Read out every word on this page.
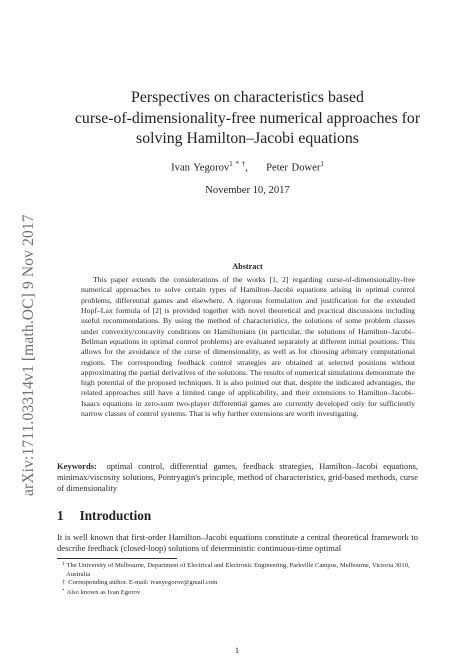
arXiv:1711.03314v1 [math.OC] 9 Nov 2017
Perspectives on characteristics based
curse-of-dimensionality-free numerical approaches for
solving Hamilton–Jacobi equations
Ivan Yegorov$^{1 * \dagger}$, Peter Dower$^1$
November 10, 2017
Abstract
This paper extends the considerations of the works [1, 2] regarding curse-of-dimensionality-free numerical approaches to solve certain types of Hamilton–Jacobi equations arising in optimal control problems, differential games and elsewhere. A rigorous formulation and justification for the extended Hopf–Lax formula of [2] is provided together with novel theoretical and practical discussions including useful recommendations. By using the method of characteristics, the solutions of some problem classes under convexity/concavity conditions on Hamiltonians (in particular, the solutions of Hamilton–Jacobi–Bellman equations in optimal control problems) are evaluated separately at different initial positions. This allows for the avoidance of the curse of dimensionality, as well as for choosing arbitrary computational regions. The corresponding feedback control strategies are obtained at selected positions without approximating the partial derivatives of the solutions. The results of numerical simulations demonstrate the high potential of the proposed techniques. It is also pointed out that, despite the indicated advantages, the related approaches still have a limited range of applicability, and their extensions to Hamilton–Jacobi–Isaacs equations in zero-sum two-player differential games are currently developed only for sufficiently narrow classes of control systems. That is why further extensions are worth investigating.
Keywords: optimal control, differential games, feedback strategies, Hamilton–Jacobi equations, minimax/viscosity solutions, Pontryagin's principle, method of characteristics, grid-based methods, curse of dimensionality
1 Introduction
It is well known that first-order Hamilton–Jacobi equations constitute a central theoretical framework to describe feedback (closed-loop) solutions of deterministic continuous-time optimal
$^1$ The University of Melbourne, Department of Electrical and Electronic Engineering, Parkville Campus, Melbourne, Victoria 3010, Australia
† Corresponding author. E-mail: ivanyegorov@gmail.com
* Also known as Ivan Egorov
1
